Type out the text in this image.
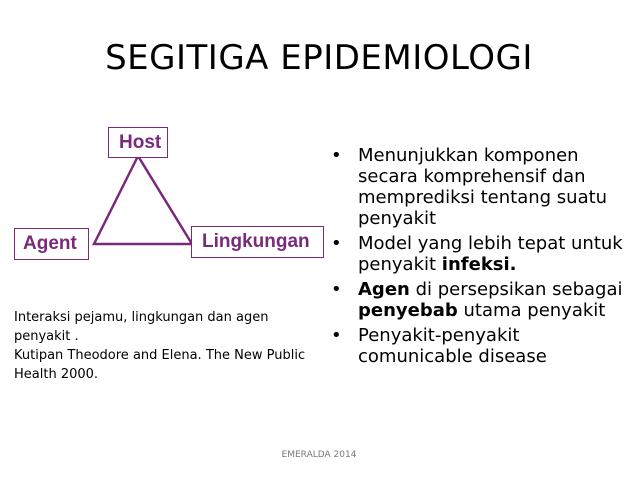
SEGITIGA EPIDEMIOLOGI
Host
Agent	Lingkungan
Interaksi pejamu, lingkungan dan agen
penyakit .
Kutipan Theodore and Elena. The New Public
Health 2000.
• Menunjukkan komponen secara komprehensif dan memprediksi tentang suatu penyakit
• Model yang lebih tepat untuk penyakit infeksi.
• Agen di persepsikan sebagai penyebab utama penyakit
• Penyakit-penyakit comunicable disease
EMERALDA 2014
